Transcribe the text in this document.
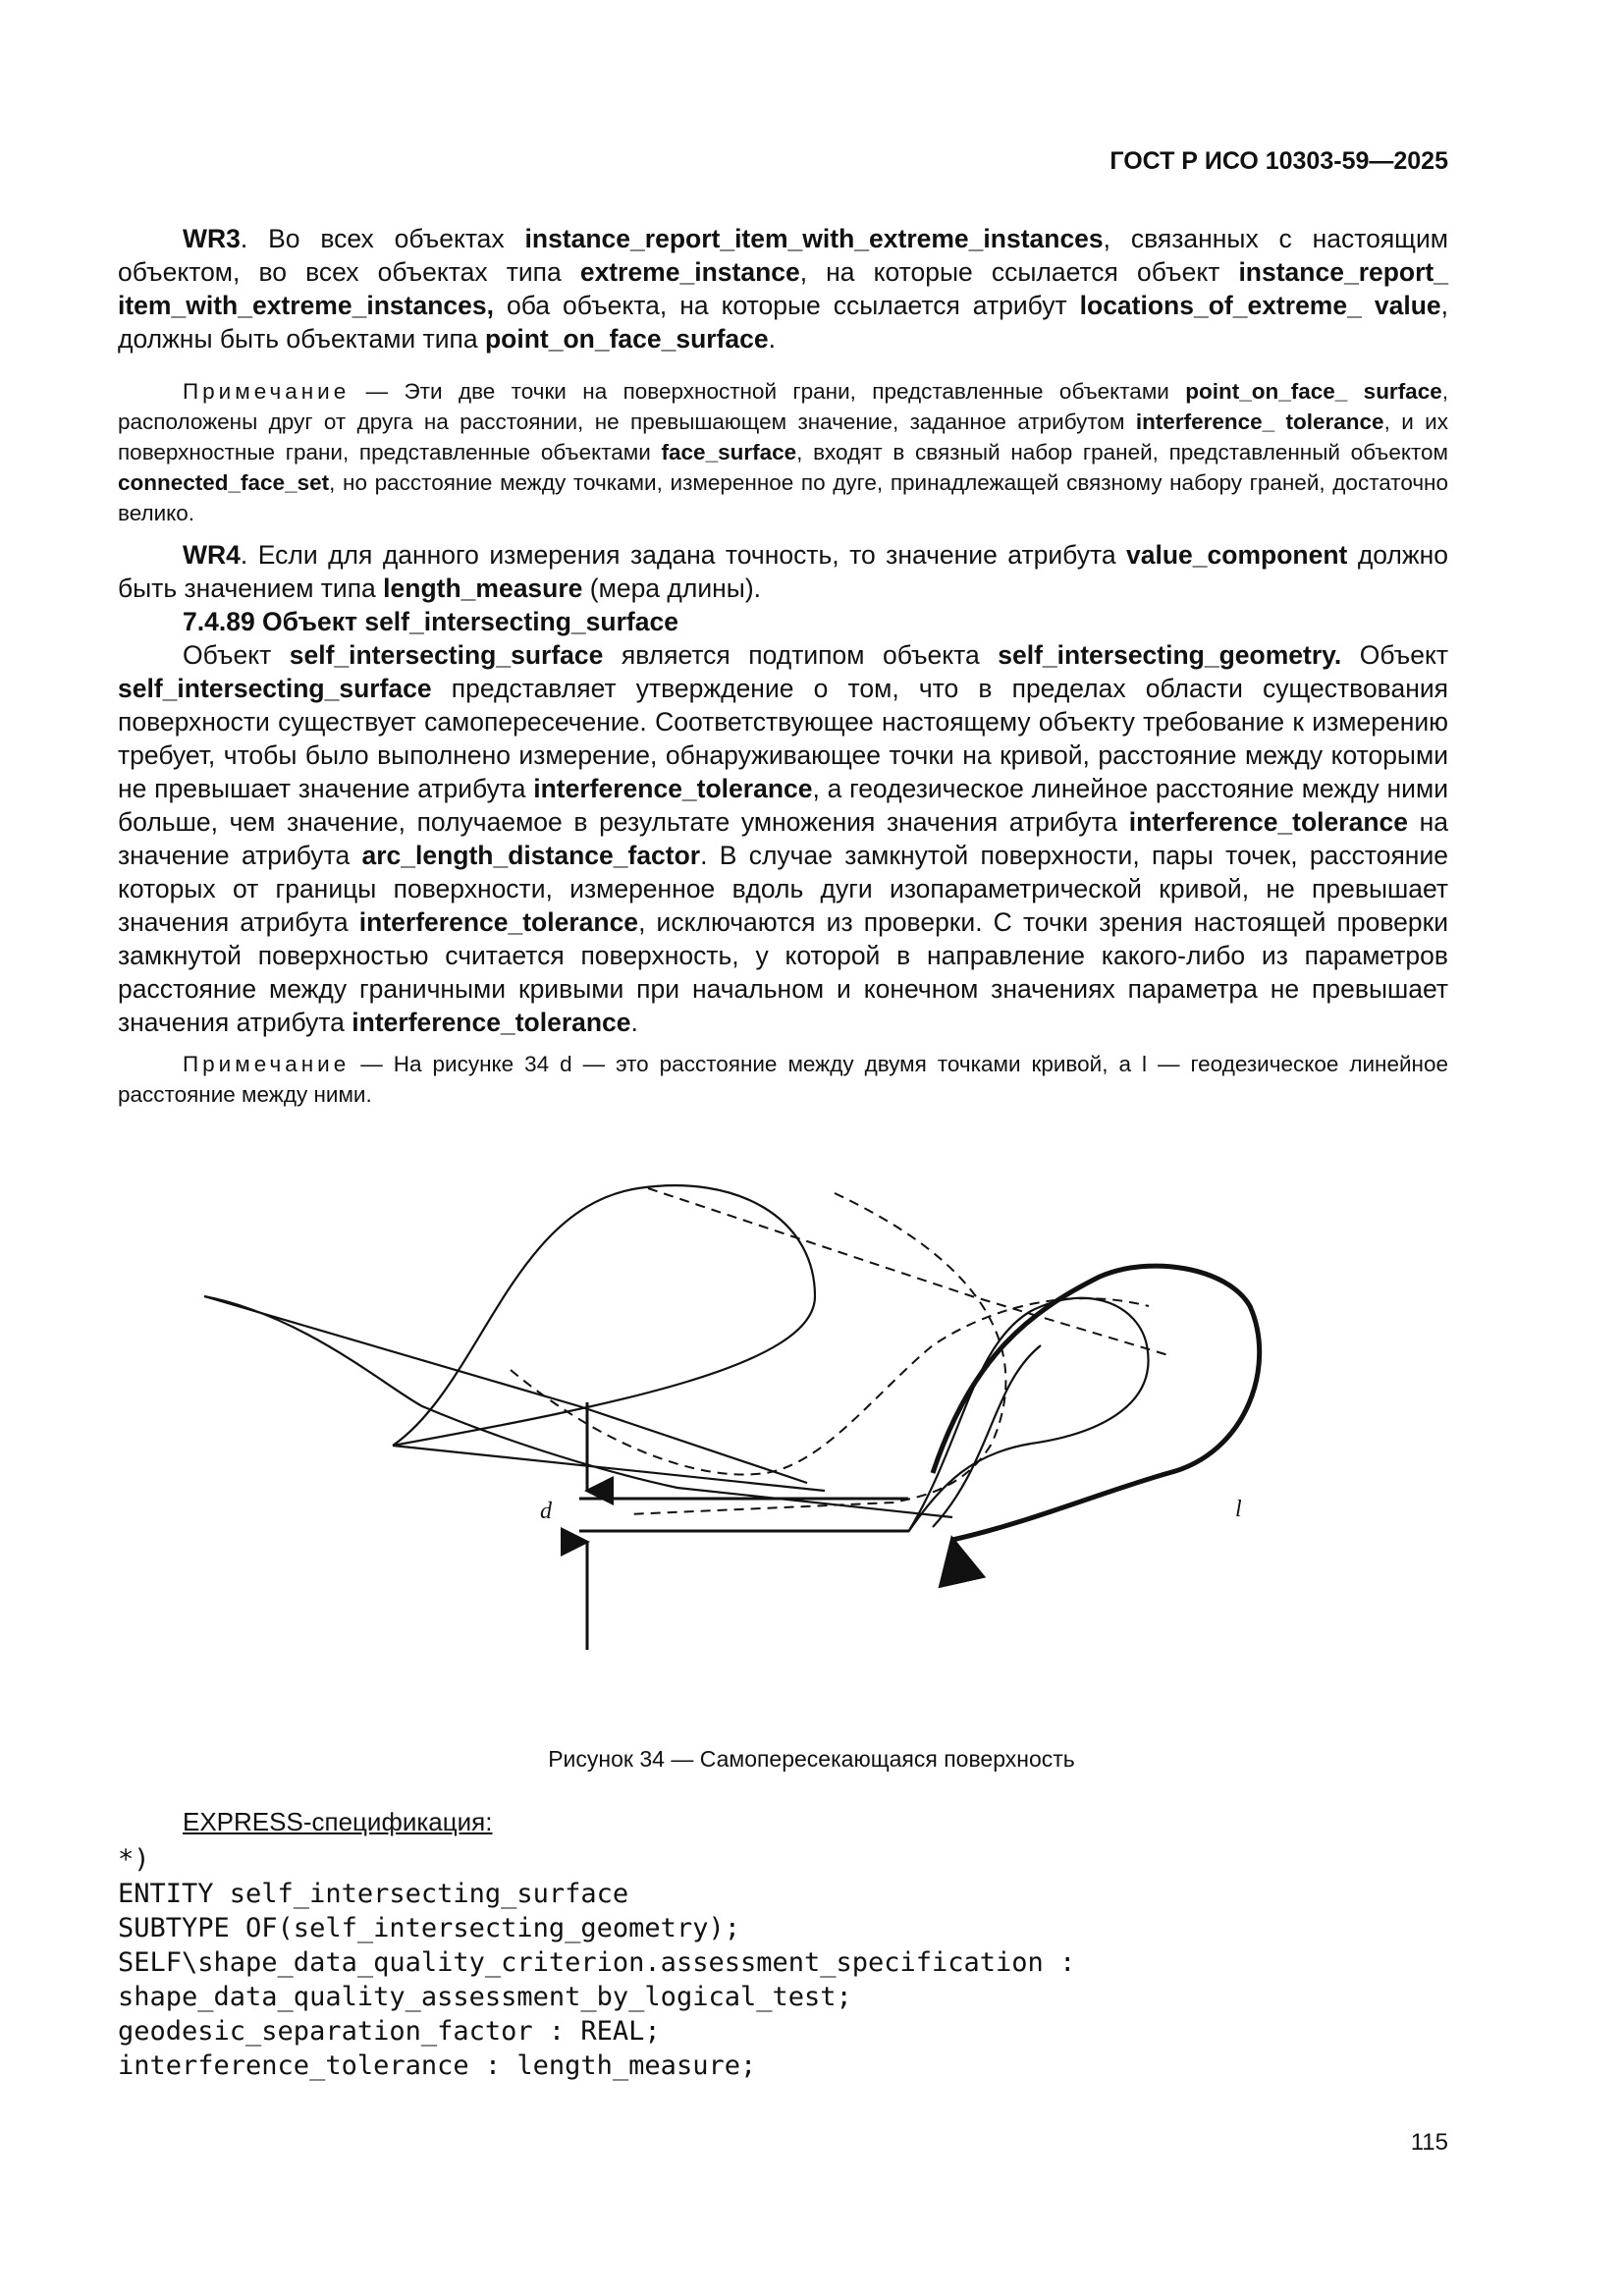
ГОСТ Р ИСО 10303-59—2025

WR3. Во всех объектах instance_report_item_with_extreme_instances, связанных с настоящим объектом, во всех объектах типа extreme_instance, на которые ссылается объект instance_report_ item_with_extreme_instances, оба объекта, на которые ссылается атрибут locations_of_extreme_ value, должны быть объектами типа point_on_face_surface.

Примечание — Эти две точки на поверхностной грани, представленные объектами point_on_face_ surface, расположены друг от друга на расстоянии, не превышающем значение, заданное атрибутом interference_ tolerance, и их поверхностные грани, представленные объектами face_surface, входят в связный набор граней, представленный объектом connected_face_set, но расстояние между точками, измеренное по дуге, принадлежащей связному набору граней, достаточно велико.

WR4. Если для данного измерения задана точность, то значение атрибута value_component должно быть значением типа length_measure (мера длины).

7.4.89 Объект self_intersecting_surface

Объект self_intersecting_surface является подтипом объекта self_intersecting_geometry. Объект self_intersecting_surface представляет утверждение о том, что в пределах области существования поверхности существует самопересечение. Соответствующее настоящему объекту требование к измерению требует, чтобы было выполнено измерение, обнаруживающее точки на кривой, расстояние между которыми не превышает значение атрибута interference_tolerance, а геодезическое линейное расстояние между ними больше, чем значение, получаемое в результате умножения значения атрибута interference_tolerance на значение атрибута arc_length_distance_factor. В случае замкнутой поверхности, пары точек, расстояние которых от границы поверхности, измеренное вдоль дуги изопараметрической кривой, не превышает значения атрибута interference_tolerance, исключаются из проверки. С точки зрения настоящей проверки замкнутой поверхностью считается поверхность, у которой в направление какого-либо из параметров расстояние между граничными кривыми при начальном и конечном значениях параметра не превышает значения атрибута interference_tolerance.

Примечание — На рисунке 34 d — это расстояние между двумя точками кривой, а l — геодезическое линейное расстояние между ними.

d	l
Рисунок 34 — Самопересекающаяся поверхность
EXPRESS-спецификация:
*)
ENTITY self_intersecting_surface
SUBTYPE OF(self_intersecting_geometry);
SELF\shape_data_quality_criterion.assessment_specification :
shape_data_quality_assessment_by_logical_test;
geodesic_separation_factor : REAL;
interference_tolerance : length_measure;
115
